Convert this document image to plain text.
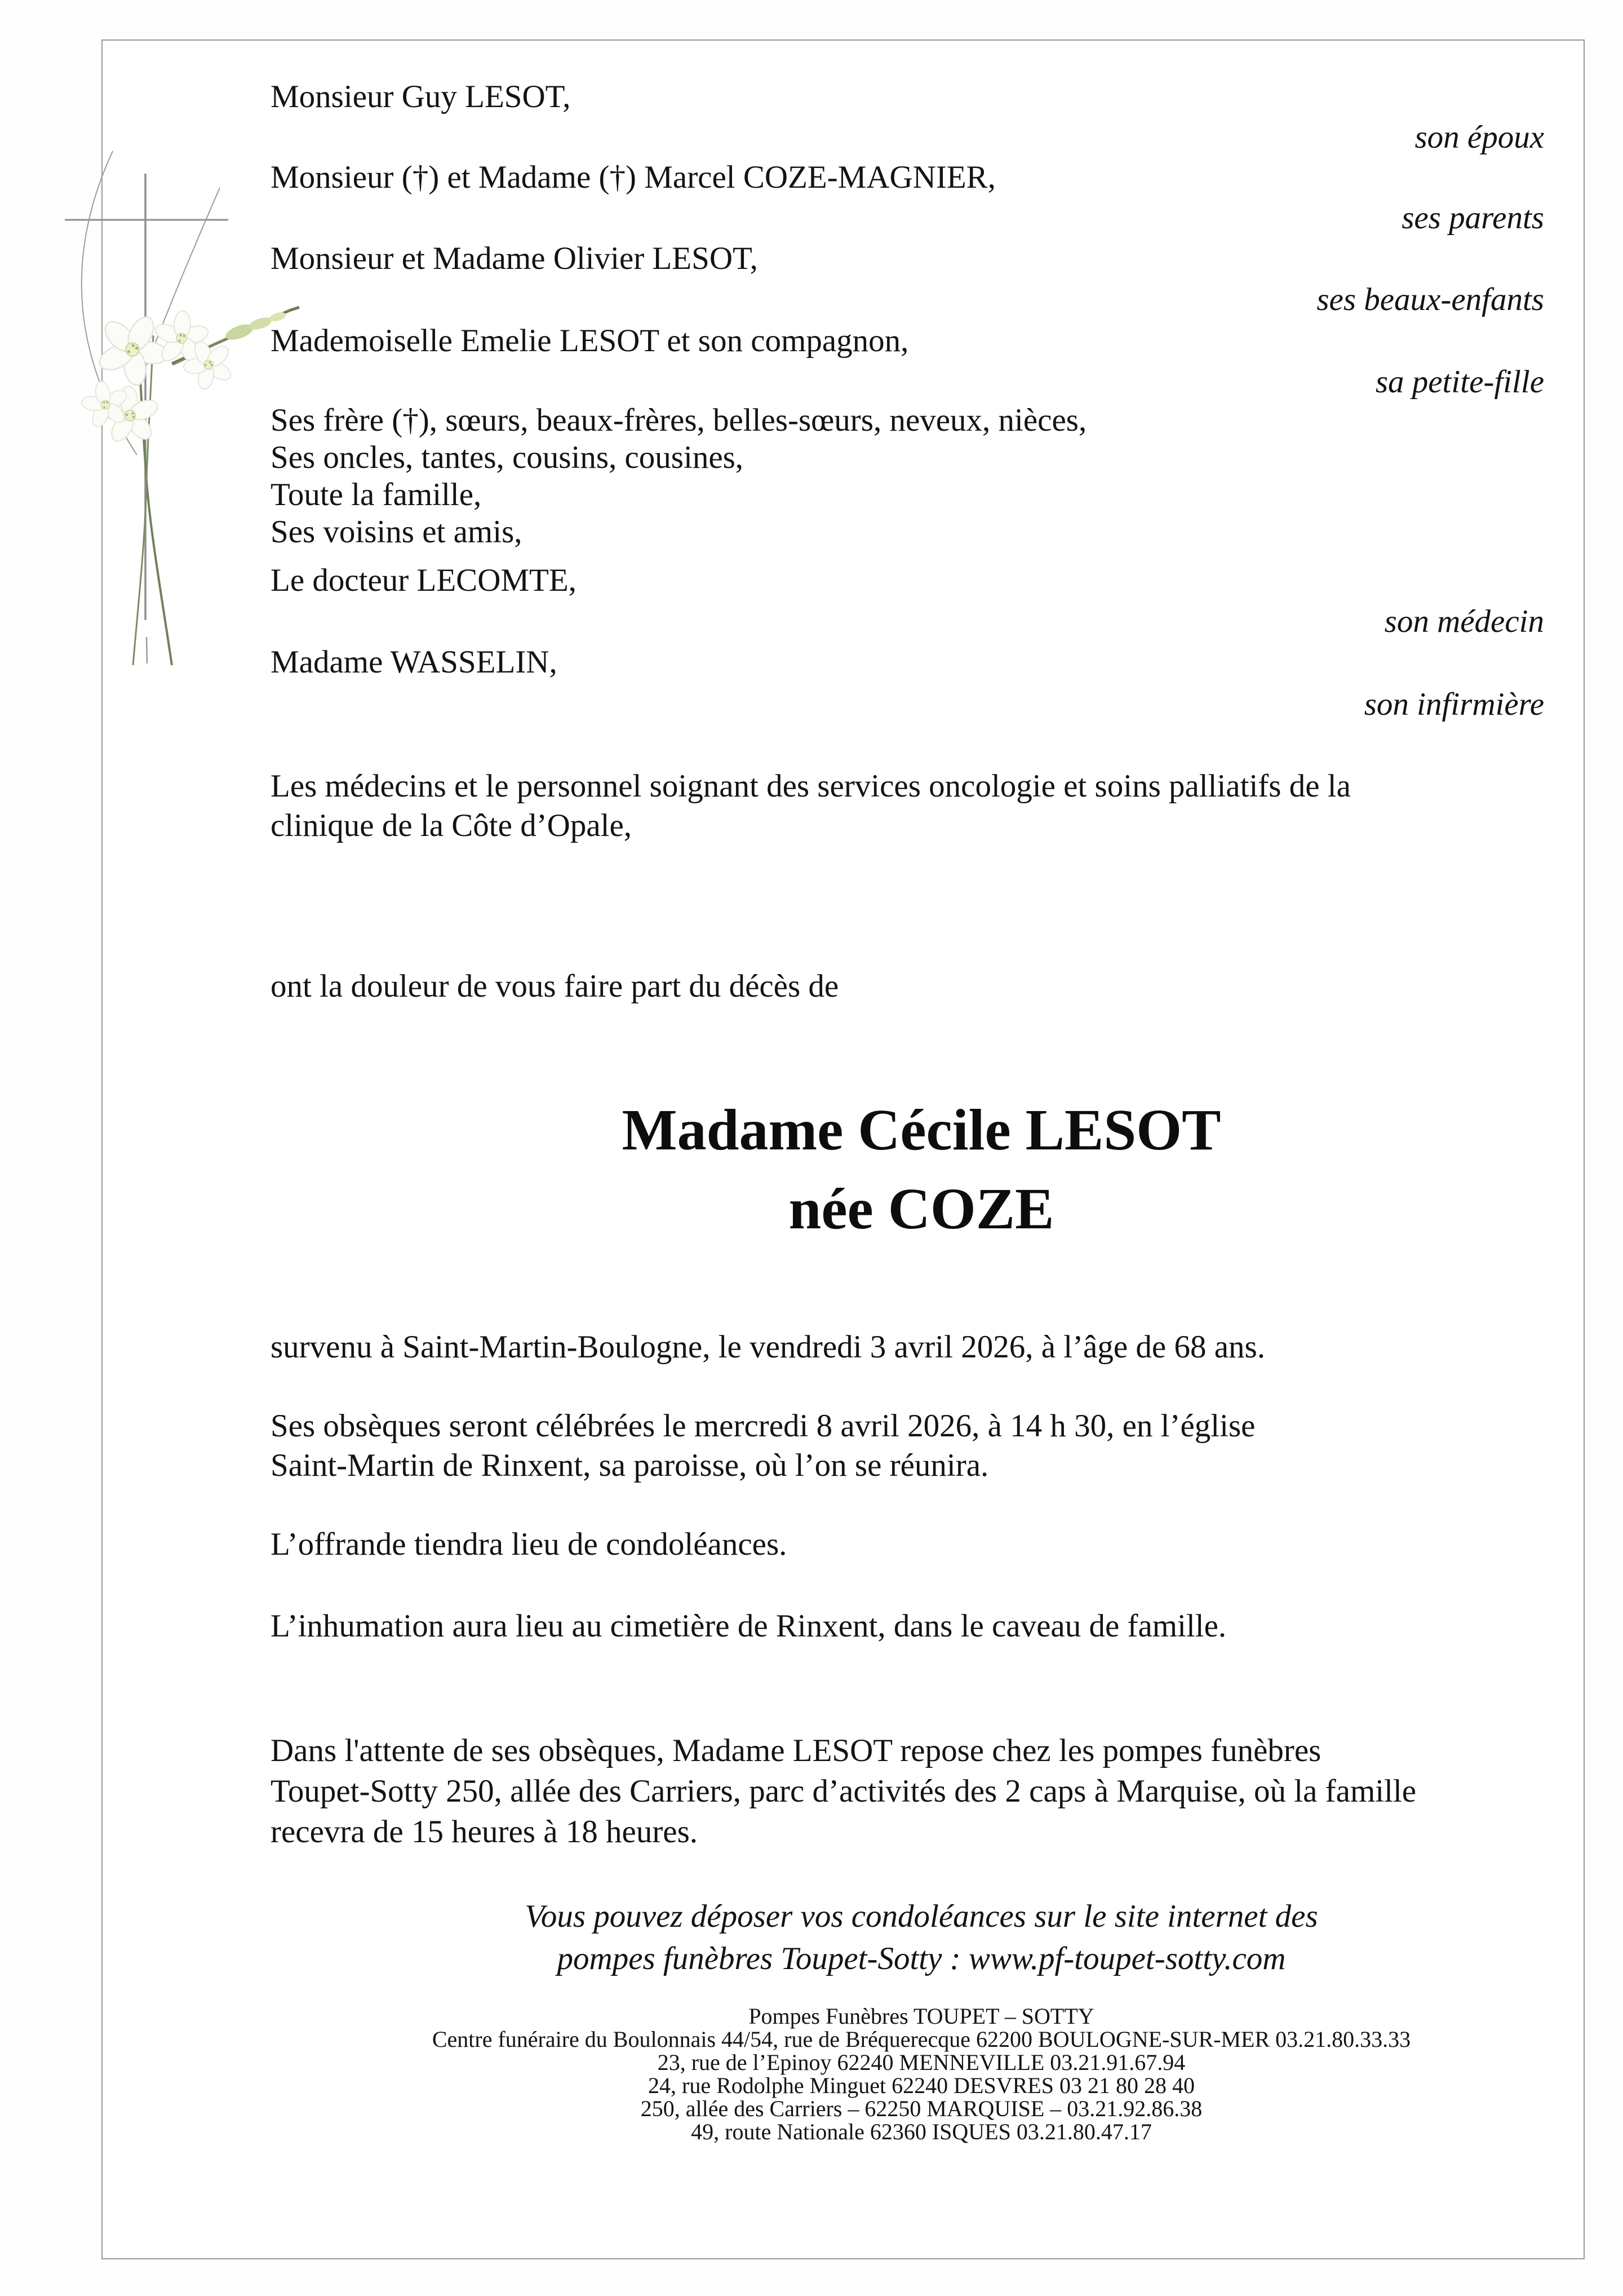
Monsieur Guy LESOT,
son époux
Monsieur (†) et Madame (†) Marcel COZE-MAGNIER,
ses parents
Monsieur et Madame Olivier LESOT,
ses beaux-enfants
Mademoiselle Emelie LESOT et son compagnon,
sa petite-fille
Ses frère (†), sœurs, beaux-frères, belles-sœurs, neveux, nièces,
Ses oncles, tantes, cousins, cousines,
Toute la famille,
Ses voisins et amis,
Le docteur LECOMTE,
son médecin
Madame WASSELIN,
son infirmière
Les médecins et le personnel soignant des services oncologie et soins palliatifs de la
clinique de la Côte d’Opale,
ont la douleur de vous faire part du décès de
Madame Cécile LESOT
née COZE
survenu à Saint-Martin-Boulogne, le vendredi 3 avril 2026, à l’âge de 68 ans.
Ses obsèques seront célébrées le mercredi 8 avril 2026, à 14 h 30, en l’église
Saint-Martin de Rinxent, sa paroisse, où l’on se réunira.
L’offrande tiendra lieu de condoléances.
L’inhumation aura lieu au cimetière de Rinxent, dans le caveau de famille.
Dans l'attente de ses obsèques, Madame LESOT repose chez les pompes funèbres
Toupet-Sotty 250, allée des Carriers, parc d’activités des 2 caps à Marquise, où la famille
recevra de 15 heures à 18 heures.
Vous pouvez déposer vos condoléances sur le site internet des
pompes funèbres Toupet-Sotty : www.pf-toupet-sotty.com
Pompes Funèbres TOUPET – SOTTY
Centre funéraire du Boulonnais 44/54, rue de Bréquerecque 62200 BOULOGNE-SUR-MER 03.21.80.33.33
23, rue de l’Epinoy 62240 MENNEVILLE 03.21.91.67.94
24, rue Rodolphe Minguet 62240 DESVRES 03 21 80 28 40
250, allée des Carriers – 62250 MARQUISE – 03.21.92.86.38
49, route Nationale 62360 ISQUES 03.21.80.47.17
